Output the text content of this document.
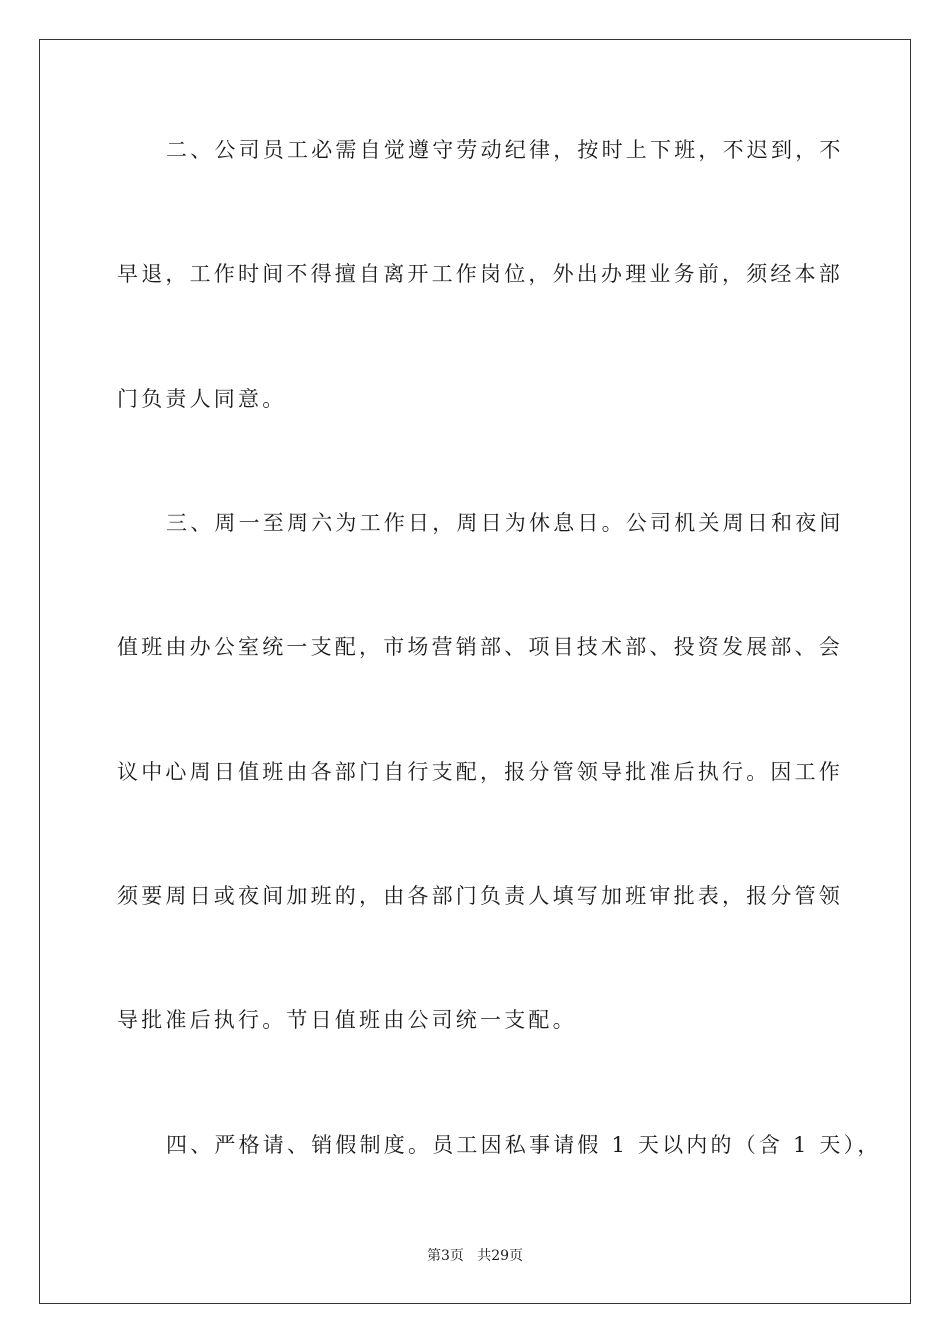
二、公司员工必需自觉遵守劳动纪律，按时上下班，不迟到，不
早退，工作时间不得擅自离开工作岗位，外出办理业务前，须经本部
门负责人同意。
三、周一至周六为工作日，周日为休息日。公司机关周日和夜间
值班由办公室统一支配，市场营销部、项目技术部、投资发展部、会
议中心周日值班由各部门自行支配，报分管领导批准后执行。因工作
须要周日或夜间加班的，由各部门负责人填写加班审批表，报分管领
导批准后执行。节日值班由公司统一支配。
四、严格请、销假制度。员工因私事请假 1 天以内的（含 1 天），
第3页   共29页
